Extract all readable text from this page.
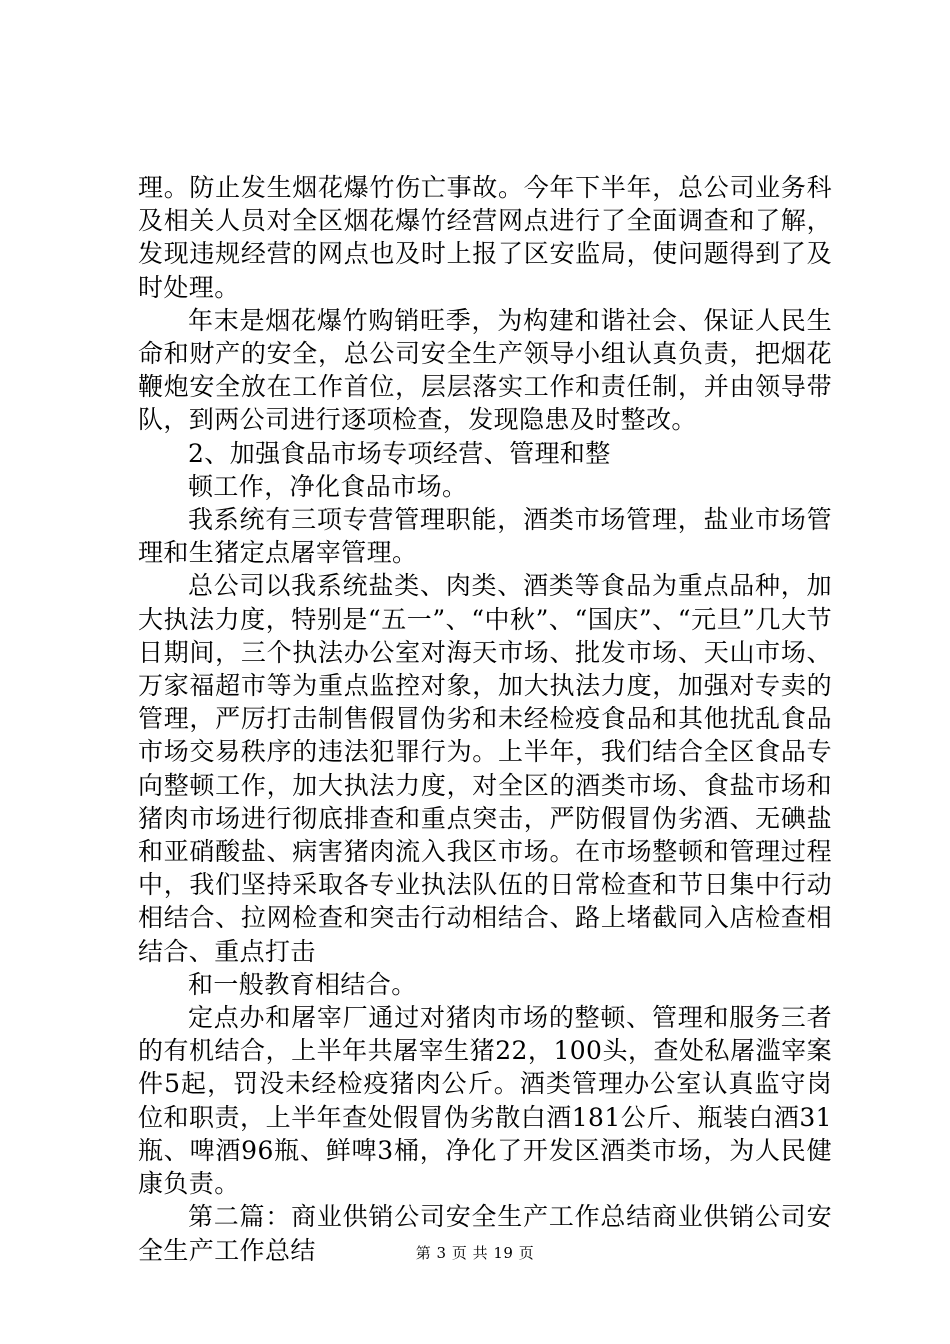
理。防止发生烟花爆竹伤亡事故。今年下半年，总公司业务科及相关人员对全区烟花爆竹经营网点进行了全面调查和了解，发现违规经营的网点也及时上报了区安监局，使问题得到了及时处理。

年末是烟花爆竹购销旺季，为构建和谐社会、保证人民生命和财产的安全，总公司安全生产领导小组认真负责，把烟花鞭炮安全放在工作首位，层层落实工作和责任制，并由领导带队，到两公司进行逐项检查，发现隐患及时整改。

2、加强食品市场专项经营、管理和整

顿工作，净化食品市场。

我系统有三项专营管理职能，酒类市场管理，盐业市场管理和生猪定点屠宰管理。

总公司以我系统盐类、肉类、酒类等食品为重点品种，加大执法力度，特别是“五一”、“中秋”、“国庆”、“元旦”几大节日期间，三个执法办公室对海天市场、批发市场、天山市场、万家福超市等为重点监控对象，加大执法力度，加强对专卖的管理，严厉打击制售假冒伪劣和未经检疫食品和其他扰乱食品市场交易秩序的违法犯罪行为。上半年，我们结合全区食品专向整顿工作，加大执法力度，对全区的酒类市场、食盐市场和猪肉市场进行彻底排查和重点突击，严防假冒伪劣酒、无碘盐和亚硝酸盐、病害猪肉流入我区市场。在市场整顿和管理过程中，我们坚持采取各专业执法队伍的日常检查和节日集中行动相结合、拉网检查和突击行动相结合、路上堵截同入店检查相结合、重点打击

和一般教育相结合。

定点办和屠宰厂通过对猪肉市场的整顿、管理和服务三者的有机结合，上半年共屠宰生猪22，100头，查处私屠滥宰案件5起，罚没未经检疫猪肉公斤。酒类管理办公室认真监守岗位和职责，上半年查处假冒伪劣散白酒181公斤、瓶装白酒31瓶、啤酒96瓶、鲜啤3桶，净化了开发区酒类市场，为人民健康负责。

第二篇：商业供销公司安全生产工作总结商业供销公司安全生产工作总结	第 3 页 共 19 页
